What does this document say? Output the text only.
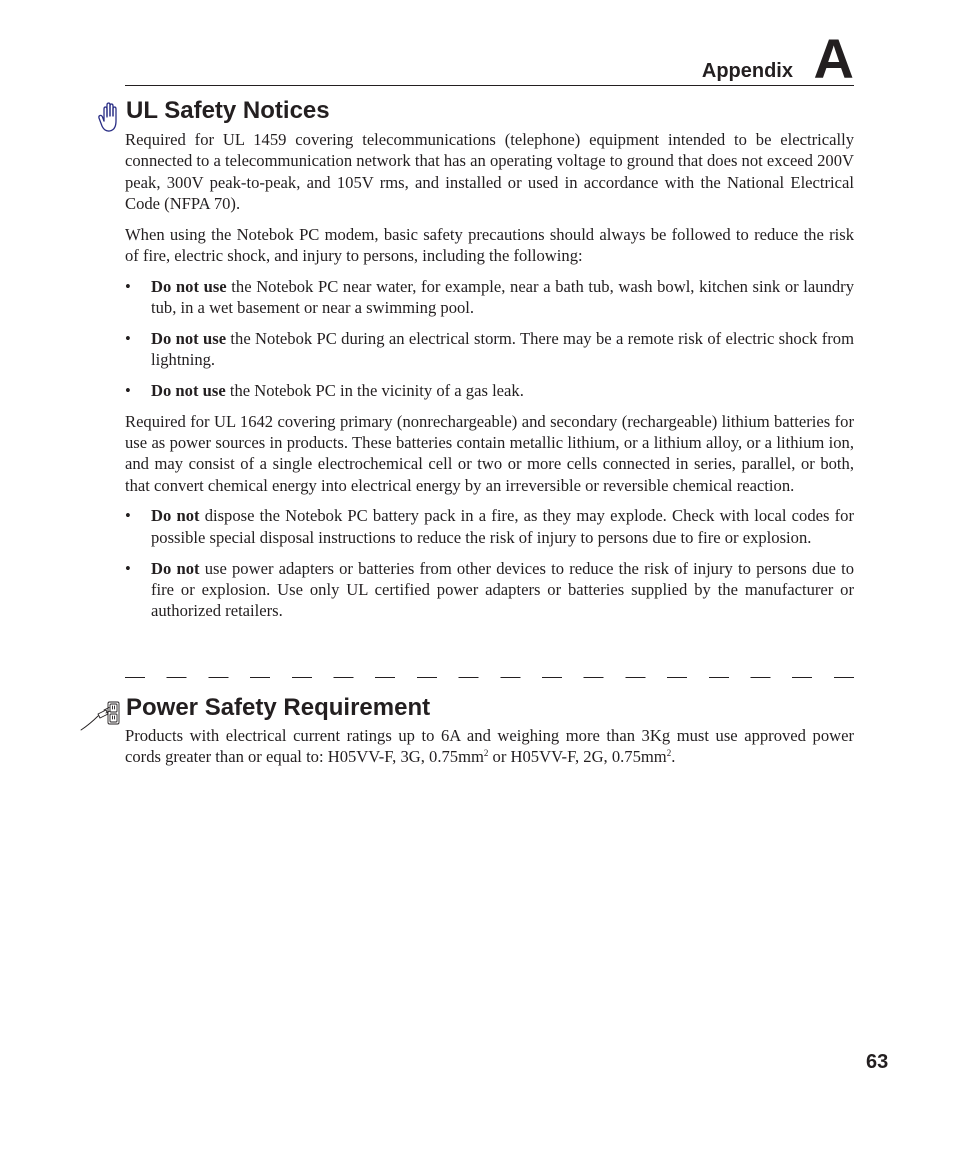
Appendix A
UL Safety Notices

Required for UL 1459 covering telecommunications (telephone) equipment intended to be electrically connected to a telecommunication network that has an operating voltage to ground that does not exceed 200V peak, 300V peak-to-peak, and 105V rms, and installed or used in accordance with the National Electrical Code (NFPA 70).

When using the Notebok PC modem, basic safety precautions should always be followed to reduce the risk of fire, electric shock, and injury to persons, including the following:

• Do not use the Notebok PC near water, for example, near a bath tub, wash bowl, kitchen sink or laundry tub, in a wet basement or near a swimming pool.
• Do not use the Notebok PC during an electrical storm. There may be a remote risk of electric shock from lightning.
• Do not use the Notebok PC in the vicinity of a gas leak.

Required for UL 1642 covering primary (nonrechargeable) and secondary (rechargeable) lithium batteries for use as power sources in products. These batteries contain metallic lithium, or a lithium alloy, or a lithium ion, and may consist of a single electrochemical cell or two or more cells connected in series, parallel, or both, that convert chemical energy into electrical energy by an irreversible or reversible chemical reaction.

• Do not dispose the Notebok PC battery pack in a fire, as they may explode. Check with local codes for possible special disposal instructions to reduce the risk of injury to persons due to fire or explosion.
• Do not use power adapters or batteries from other devices to reduce the risk of injury to persons due to fire or explosion. Use only UL certified power adapters or batteries supplied by the manufacturer or authorized retailers.
Power Safety Requirement

Products with electrical current ratings up to 6A and weighing more than 3Kg must use approved power cords greater than or equal to: H05VV-F, 3G, $0.75mm^2$ or H05VV-F, 2G, $0.75mm^2$.

63
